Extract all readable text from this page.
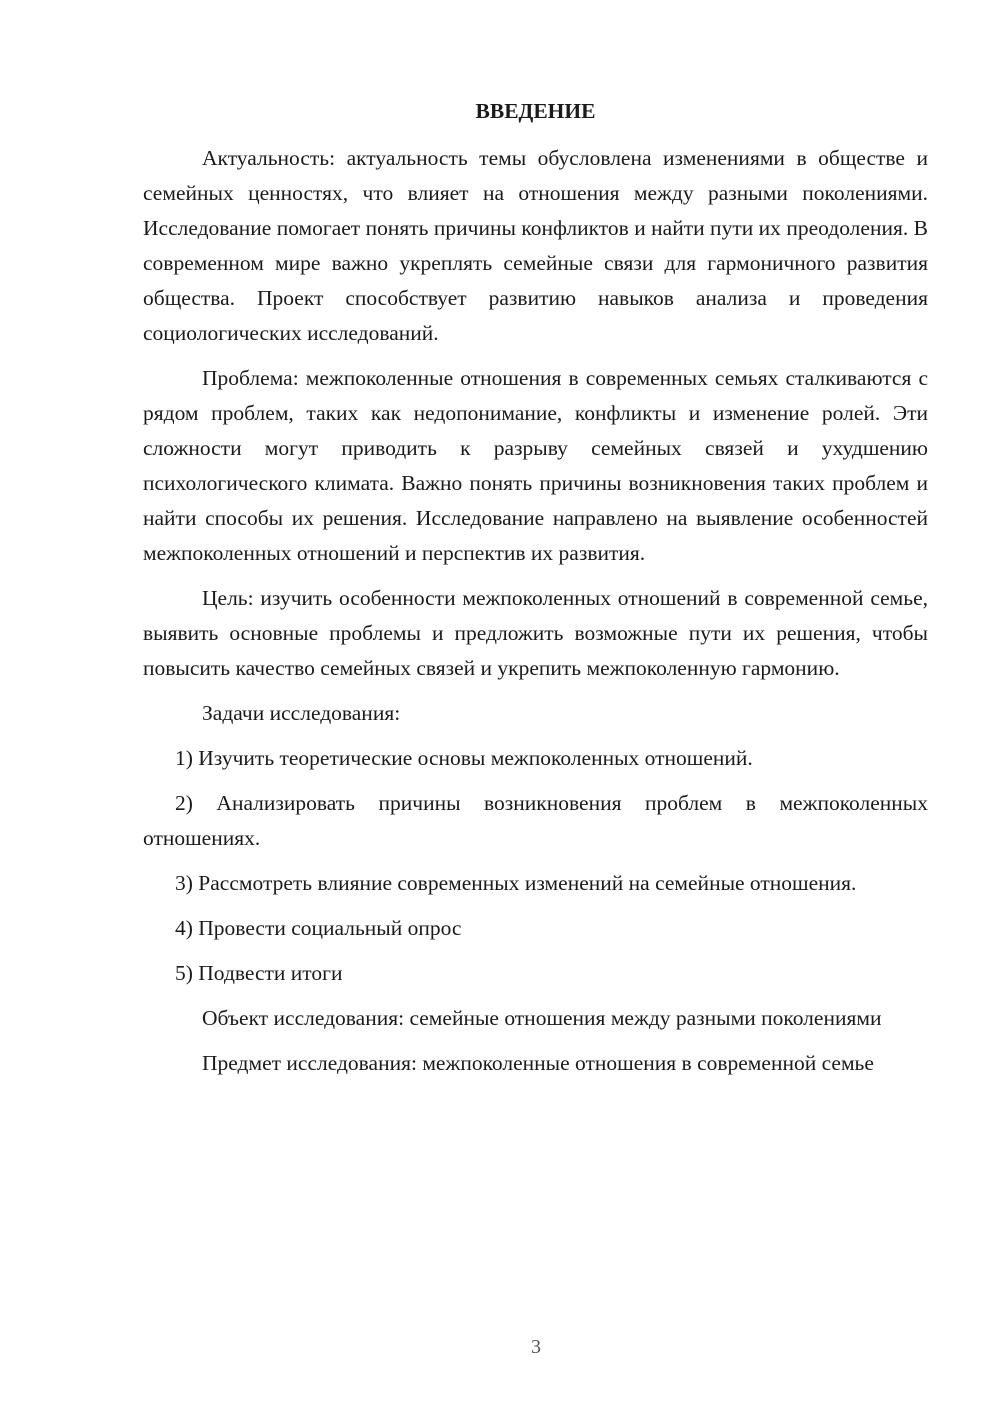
ВВЕДЕНИЕ

Актуальность: актуальность темы обусловлена изменениями в обществе и семейных ценностях, что влияет на отношения между разными поколениями. Исследование помогает понять причины конфликтов и найти пути их преодоления. В современном мире важно укреплять семейные связи для гармоничного развития общества. Проект способствует развитию навыков анализа и проведения социологических исследований.

Проблема: межпоколенные отношения в современных семьях сталкиваются с рядом проблем, таких как недопонимание, конфликты и изменение ролей. Эти сложности могут приводить к разрыву семейных связей и ухудшению психологического климата. Важно понять причины возникновения таких проблем и найти способы их решения. Исследование направлено на выявление особенностей межпоколенных отношений и перспектив их развития.

Цель: изучить особенности межпоколенных отношений в современной семье, выявить основные проблемы и предложить возможные пути их решения, чтобы повысить качество семейных связей и укрепить межпоколенную гармонию.

Задачи исследования:

1) Изучить теоретические основы межпоколенных отношений.

2) Анализировать причины возникновения проблем в межпоколенных отношениях.

3) Рассмотреть влияние современных изменений на семейные отношения.

4) Провести социальный опрос

5) Подвести итоги

Объект исследования: семейные отношения между разными поколениями

Предмет исследования: межпоколенные отношения в современной семье

3
